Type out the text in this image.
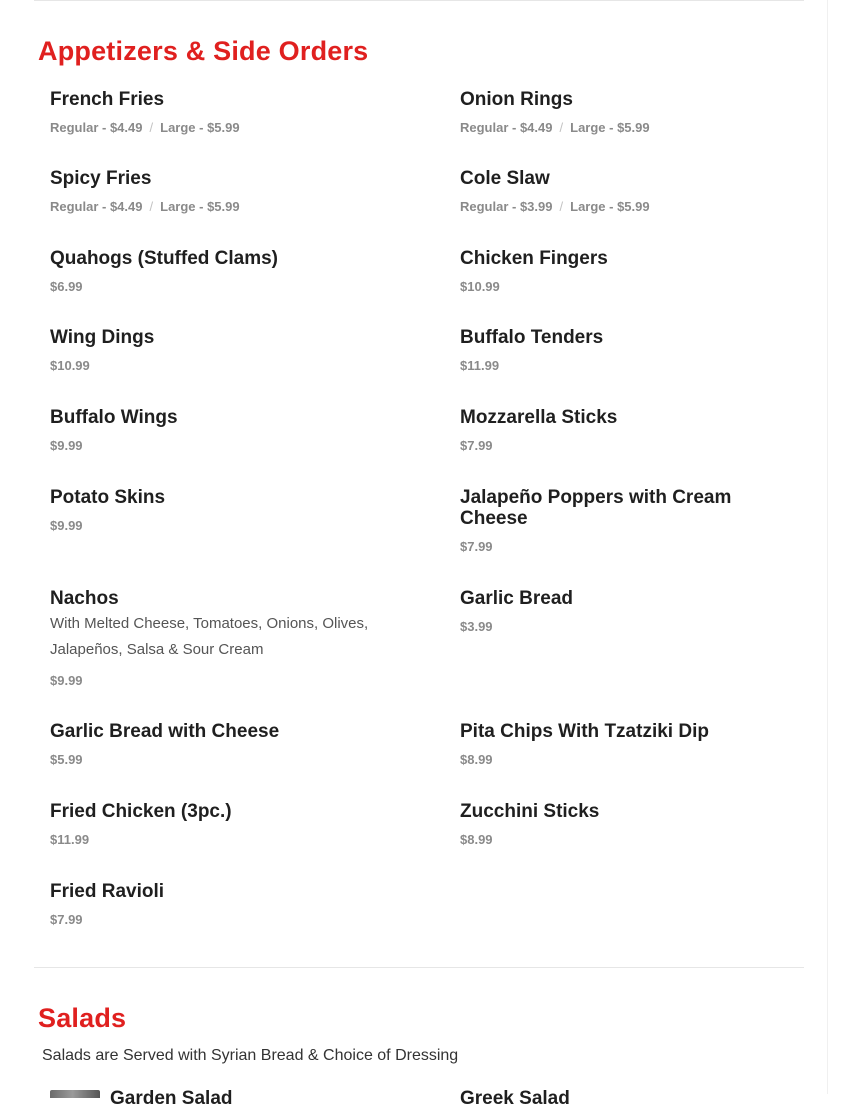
Appetizers & Side Orders
French Fries
Regular - $4.49 / Large - $5.99
Onion Rings
Regular - $4.49 / Large - $5.99
Spicy Fries
Regular - $4.49 / Large - $5.99
Cole Slaw
Regular - $3.99 / Large - $5.99
Quahogs (Stuffed Clams)
$6.99
Chicken Fingers
$10.99
Wing Dings
$10.99
Buffalo Tenders
$11.99
Buffalo Wings
$9.99
Mozzarella Sticks
$7.99
Potato Skins
$9.99
Jalapeño Poppers with Cream Cheese
$7.99
Nachos
With Melted Cheese, Tomatoes, Onions, Olives, Jalapeños, Salsa & Sour Cream
$9.99
Garlic Bread
$3.99
Garlic Bread with Cheese
$5.99
Pita Chips With Tzatziki Dip
$8.99
Fried Chicken (3pc.)
$11.99
Zucchini Sticks
$8.99
Fried Ravioli
$7.99
Salads
Salads are Served with Syrian Bread & Choice of Dressing
Garden Salad	Greek Salad
